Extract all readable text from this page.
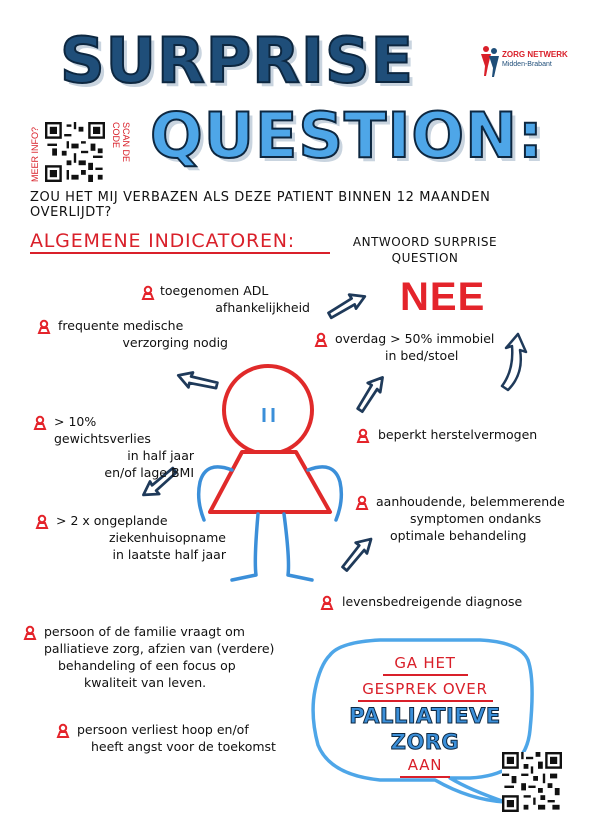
SURPRISE
QUESTION:
ZORG NETWERK
Midden-Brabant
MEER INFO?	SCAN DE CODE
ZOU HET MIJ VERBAZEN ALS DEZE PATIENT BINNEN 12 MAANDEN OVERLIJDT?
ALGEMENE INDICATOREN:	ANTWOORD SURPRISE
QUESTION
NEE
toegenomen ADL
afhankelijkheid
frequente medische
verzorging nodig	overdag > 50% immobiel
in bed/stoel
> 10% gewichtsverlies
in half jaar
en/of lage BMI
beperkt herstelvermogen
aanhoudende, belemmerende
symptomen ondanks
optimale behandeling
> 2 x ongeplande
ziekenhuisopname
in laatste half jaar
levensbedreigende diagnose
persoon of de familie vraagt om
palliatieve zorg, afzien van (verdere)
behandeling of een focus op
kwaliteit van leven.
persoon verliest hoop en/of
heeft angst voor de toekomst
GA HET
GESPREK OVER
PALLIATIEVE
ZORG
AAN
